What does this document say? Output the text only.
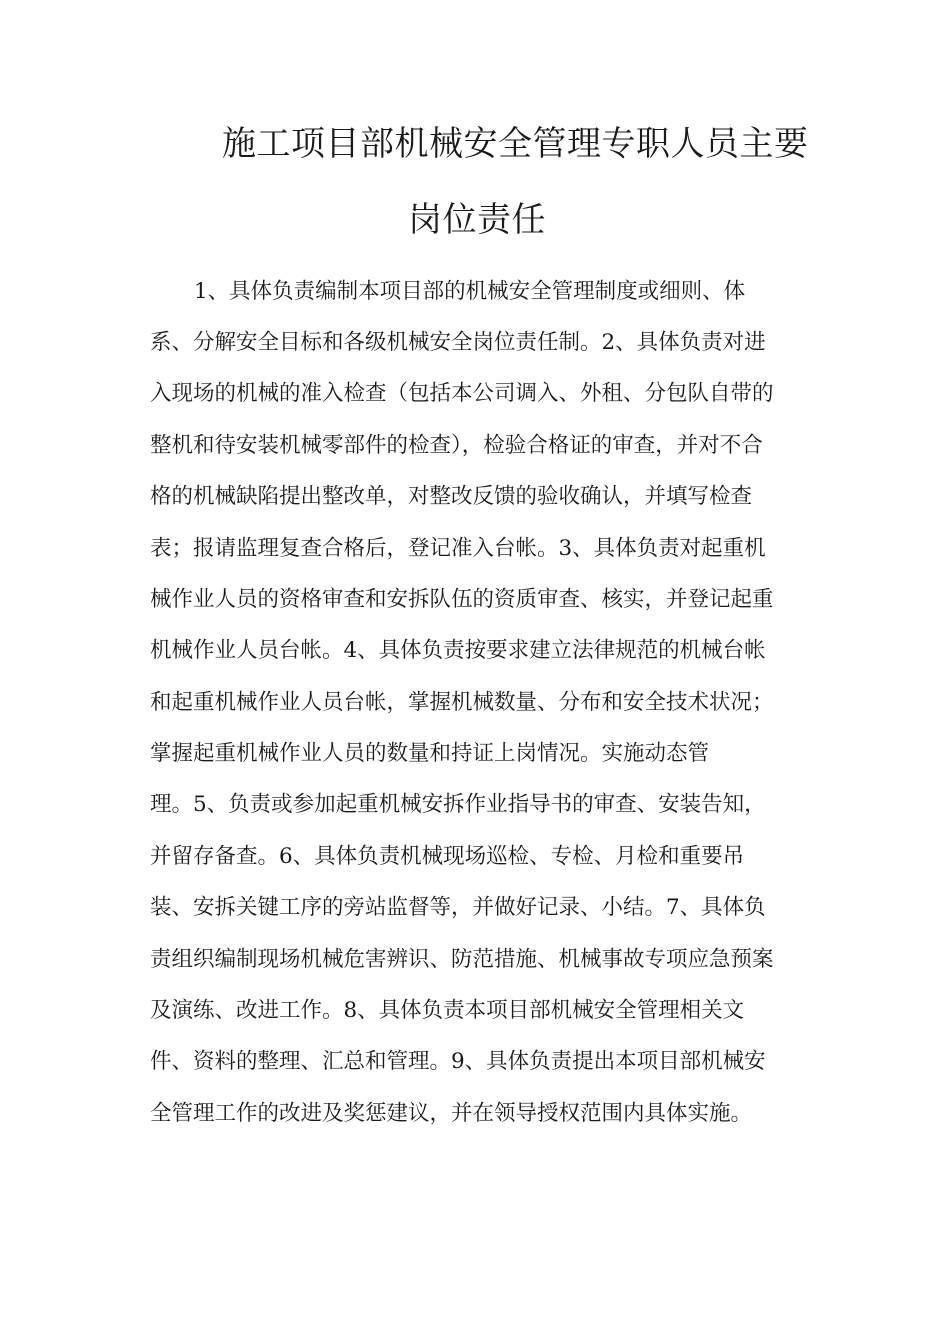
施工项目部机械安全管理专职人员主要
岗位责任
1、具体负责编制本项目部的机械安全管理制度或细则、体
系、分解安全目标和各级机械安全岗位责任制。2、具体负责对进
入现场的机械的准入检查（包括本公司调入、外租、分包队自带的
整机和待安装机械零部件的检查），检验合格证的审查，并对不合
格的机械缺陷提出整改单，对整改反馈的验收确认，并填写检查
表；报请监理复查合格后，登记准入台帐。3、具体负责对起重机
械作业人员的资格审查和安拆队伍的资质审查、核实，并登记起重
机械作业人员台帐。4、具体负责按要求建立法律规范的机械台帐
和起重机械作业人员台帐，掌握机械数量、分布和安全技术状况；
掌握起重机械作业人员的数量和持证上岗情况。实施动态管
理。5、负责或参加起重机械安拆作业指导书的审查、安装告知，
并留存备查。6、具体负责机械现场巡检、专检、月检和重要吊
装、安拆关键工序的旁站监督等，并做好记录、小结。7、具体负
责组织编制现场机械危害辨识、防范措施、机械事故专项应急预案
及演练、改进工作。8、具体负责本项目部机械安全管理相关文
件、资料的整理、汇总和管理。9、具体负责提出本项目部机械安
全管理工作的改进及奖惩建议，并在领导授权范围内具体实施。
